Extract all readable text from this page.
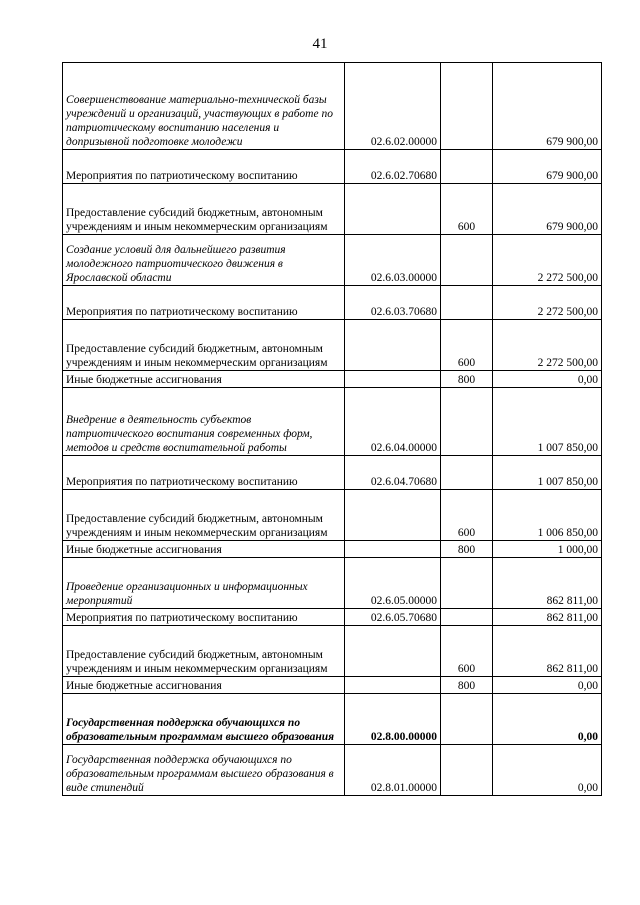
41
Совершенствование материально-технической базы учреждений и организаций, участвующих в работе по патриотическому воспитанию населения и допризывной подготовке молодежи	02.6.02.00000		679 900,00
Мероприятия по патриотическому воспитанию	02.6.02.70680		679 900,00
Предоставление субсидий бюджетным, автономным учреждениям и иным некоммерческим организациям		600	679 900,00
Создание условий для дальнейшего развития молодежного патриотического движения в Ярославской области	02.6.03.00000		2 272 500,00
Мероприятия по патриотическому воспитанию	02.6.03.70680		2 272 500,00
Предоставление субсидий бюджетным, автономным учреждениям и иным некоммерческим организациям		600	2 272 500,00
Иные бюджетные ассигнования		800	0,00
Внедрение в деятельность субъектов патриотического воспитания современных форм, методов и средств воспитательной работы	02.6.04.00000		1 007 850,00
Мероприятия по патриотическому воспитанию	02.6.04.70680		1 007 850,00
Предоставление субсидий бюджетным, автономным учреждениям и иным некоммерческим организациям		600	1 006 850,00
Иные бюджетные ассигнования		800	1 000,00
Проведение организационных и информационных мероприятий	02.6.05.00000		862 811,00
Мероприятия по патриотическому воспитанию	02.6.05.70680		862 811,00
Предоставление субсидий бюджетным, автономным учреждениям и иным некоммерческим организациям		600	862 811,00
Иные бюджетные ассигнования		800	0,00
Государственная поддержка обучающихся по образовательным программам высшего образования	02.8.00.00000		0,00
Государственная поддержка обучающихся по образовательным программам высшего образования в виде стипендий	02.8.01.00000		0,00
